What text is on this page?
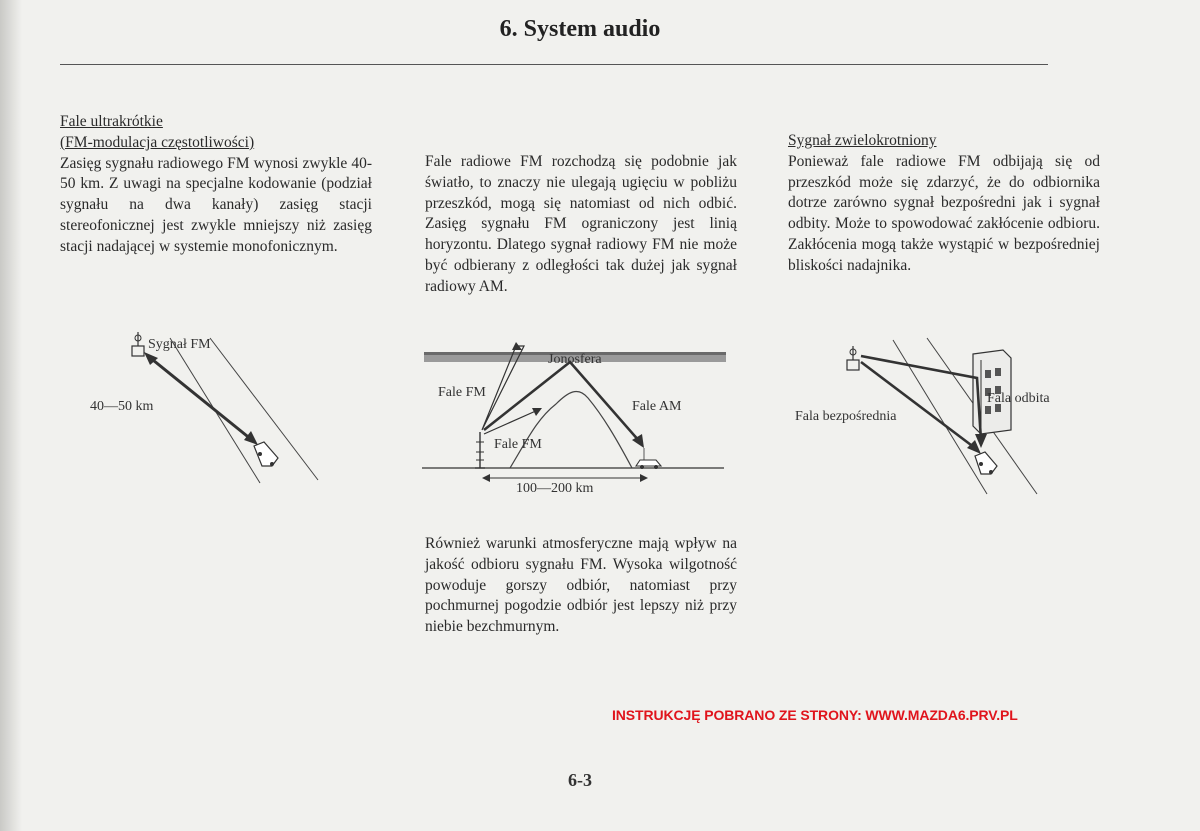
6. System audio

Fale ultrakrótkie

(FM-modulacja częstotliwości)

Zasięg sygnału radiowego FM wynosi zwykle 40-50 km. Z uwagi na specjalne kodowanie (podział sygnału na dwa kanały) zasięg stacji stereofonicznej jest zwykle mniejszy niż zasięg stacji nadającej w systemie monofonicznym.

Sygnał FM
40—50 km

Fale radiowe FM rozchodzą się podobnie jak światło, to znaczy nie ulegają ugięciu w pobliżu przeszkód, mogą się natomiast od nich odbić. Zasięg sygnału FM ograniczony jest linią horyzontu. Dlatego sygnał radiowy FM nie może być odbierany z odległości tak dużej jak sygnał radiowy AM.

Jonosfera
Fale FM
Fale AM
Fale FM
100—200 km

Również warunki atmosferyczne mają wpływ na jakość odbioru sygnału FM. Wysoka wilgotność powoduje gorszy odbiór, natomiast przy pochmurnej pogodzie odbiór jest lepszy niż przy niebie bezchmurnym.

Sygnał zwielokrotniony

Ponieważ fale radiowe FM odbijają się od przeszkód może się zdarzyć, że do odbiornika dotrze zarówno sygnał bezpośredni jak i sygnał odbity. Może to spowodować zakłócenie odbioru. Zakłócenia mogą także wystąpić w bezpośredniej bliskości nadajnika.

Fala bezpośrednia
Fala odbita
INSTRUKCJĘ POBRANO ZE STRONY: WWW.MAZDA6.PRV.PL
6-3
